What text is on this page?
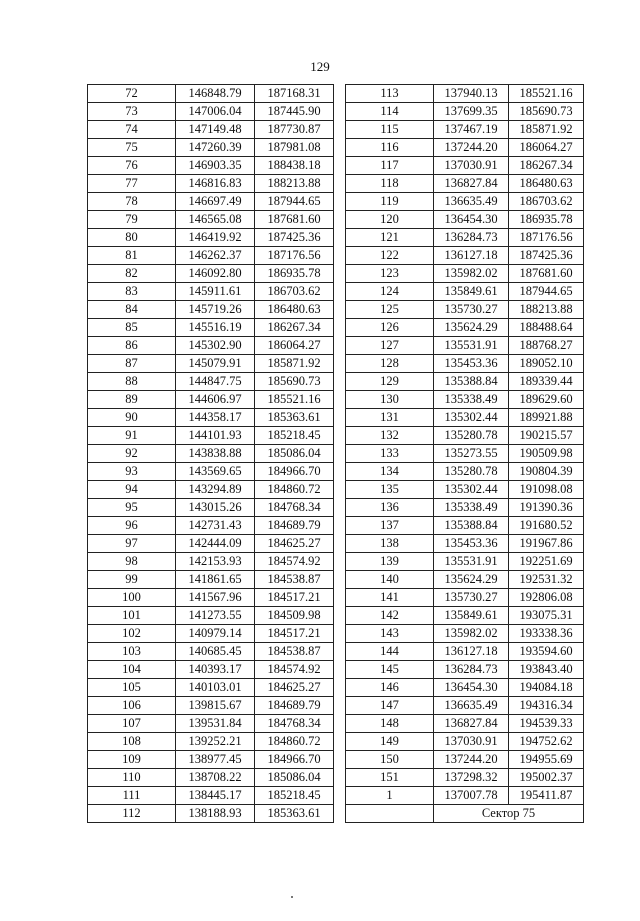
129
72	146848.79	187168.31
73	147006.04	187445.90
74	147149.48	187730.87
75	147260.39	187981.08
76	146903.35	188438.18
77	146816.83	188213.88
78	146697.49	187944.65
79	146565.08	187681.60
80	146419.92	187425.36
81	146262.37	187176.56
82	146092.80	186935.78
83	145911.61	186703.62
84	145719.26	186480.63
85	145516.19	186267.34
86	145302.90	186064.27
87	145079.91	185871.92
88	144847.75	185690.73
89	144606.97	185521.16
90	144358.17	185363.61
91	144101.93	185218.45
92	143838.88	185086.04
93	143569.65	184966.70
94	143294.89	184860.72
95	143015.26	184768.34
96	142731.43	184689.79
97	142444.09	184625.27
98	142153.93	184574.92
99	141861.65	184538.87
100	141567.96	184517.21
101	141273.55	184509.98
102	140979.14	184517.21
103	140685.45	184538.87
104	140393.17	184574.92
105	140103.01	184625.27
106	139815.67	184689.79
107	139531.84	184768.34
108	139252.21	184860.72
109	138977.45	184966.70
110	138708.22	185086.04
111	138445.17	185218.45
112	138188.93	185363.61
113	137940.13	185521.16
114	137699.35	185690.73
115	137467.19	185871.92
116	137244.20	186064.27
117	137030.91	186267.34
118	136827.84	186480.63
119	136635.49	186703.62
120	136454.30	186935.78
121	136284.73	187176.56
122	136127.18	187425.36
123	135982.02	187681.60
124	135849.61	187944.65
125	135730.27	188213.88
126	135624.29	188488.64
127	135531.91	188768.27
128	135453.36	189052.10
129	135388.84	189339.44
130	135338.49	189629.60
131	135302.44	189921.88
132	135280.78	190215.57
133	135273.55	190509.98
134	135280.78	190804.39
135	135302.44	191098.08
136	135338.49	191390.36
137	135388.84	191680.52
138	135453.36	191967.86
139	135531.91	192251.69
140	135624.29	192531.32
141	135730.27	192806.08
142	135849.61	193075.31
143	135982.02	193338.36
144	136127.18	193594.60
145	136284.73	193843.40
146	136454.30	194084.18
147	136635.49	194316.34
148	136827.84	194539.33
149	137030.91	194752.62
150	137244.20	194955.69
151	137298.32	195002.37
1	137007.78	195411.87
	Сектор 75	
